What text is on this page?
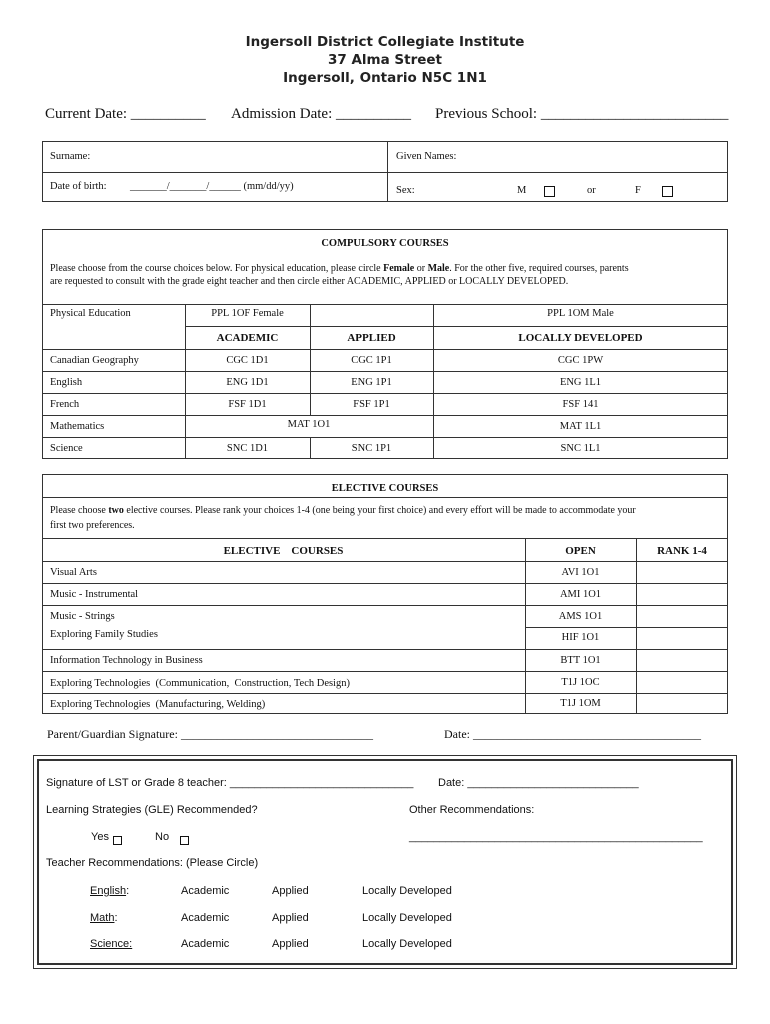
Ingersoll District Collegiate Institute
37 Alma Street
Ingersoll, Ontario N5C 1N1
Current Date: __________ Admission Date: __________ Previous School: _________________________
Surname:	Given Names:
Date of birth: _______/_______/______ (mm/dd/yy)	Sex:	M	or	F
COMPULSORY COURSES
Please choose from the course choices below. For physical education, please circle Female or Male. For the other five, required courses, parents
are requested to consult with the grade eight teacher and then circle either ACADEMIC, APPLIED or LOCALLY DEVELOPED.
Physical Education	PPL 1OF Female	PPL 1OM Male
ACADEMIC	APPLIED	LOCALLY DEVELOPED
Canadian Geography	CGC 1D1	CGC 1P1	CGC 1PW
English	ENG 1D1	ENG 1P1	ENG 1L1
French	FSF 1D1	FSF 1P1	FSF 141
Mathematics	MAT 1O1	MAT 1L1
Science	SNC 1D1	SNC 1P1	SNC 1L1
ELECTIVE COURSES
Please choose two elective courses. Please rank your choices 1-4 (one being your first choice) and every effort will be made to accommodate your
first two preferences.
ELECTIVE    COURSES	OPEN	RANK 1-4
Visual Arts	AVI 1O1
Music - Instrumental	AMI 1O1
Music - Strings	AMS 1O1
Exploring Family Studies	HIF 1O1
Information Technology in Business	BTT 1O1
Exploring Technologies  (Communication,  Construction, Tech Design)	T1J 1OC
Exploring Technologies  (Manufacturing, Welding)	T1J 1OM
Parent/Guardian Signature: ________________________________	Date: ______________________________________
Signature of LST or Grade 8 teacher: ______________________________ Date: ____________________________
Learning Strategies (GLE) Recommended?	Other Recommendations:
Yes	No	________________________________________________
Teacher Recommendations: (Please Circle)
English:	Academic	Applied	Locally Developed
Math:	Academic	Applied	Locally Developed
Science:	Academic	Applied	Locally Developed
